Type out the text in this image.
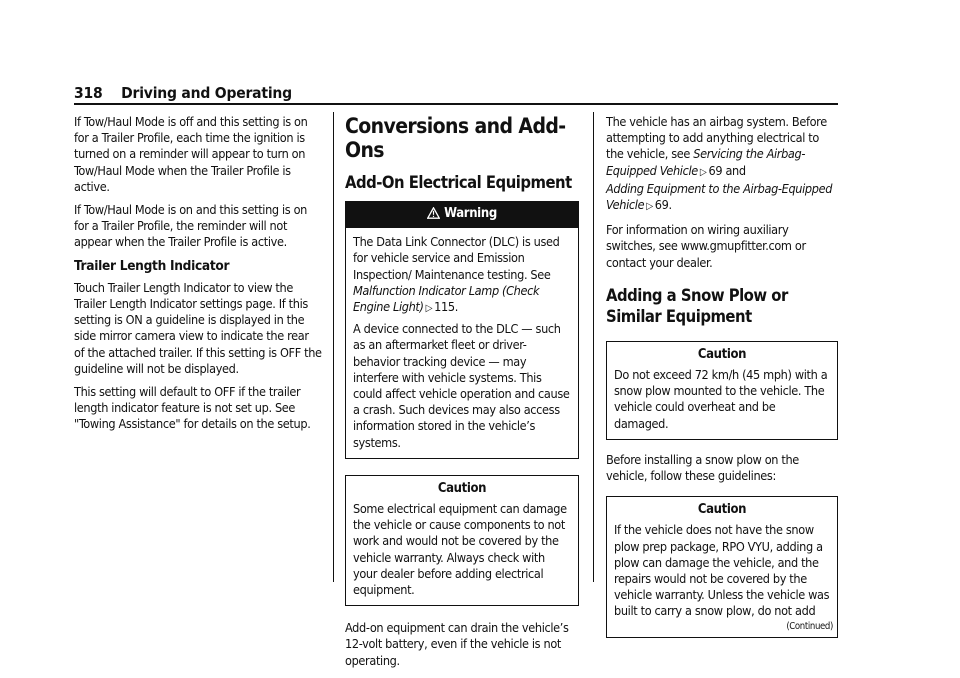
318 Driving and Operating

If Tow/Haul Mode is off and this setting is on for a Trailer Profile, each time the ignition is turned on a reminder will appear to turn on Tow/Haul Mode when the Trailer Profile is active.

If Tow/Haul Mode is on and this setting is on for a Trailer Profile, the reminder will not appear when the Trailer Profile is active.

Trailer Length Indicator

Touch Trailer Length Indicator to view the Trailer Length Indicator settings page. If this setting is ON a guideline is displayed in the side mirror camera view to indicate the rear of the attached trailer. If this setting is OFF the guideline will not be displayed.

This setting will default to OFF if the trailer length indicator feature is not set up. See "Towing Assistance" for details on the setup.

Conversions and Add-Ons
Add-On Electrical Equipment
Warning

The Data Link Connector (DLC) is used for vehicle service and Emission Inspection/ Maintenance testing. See Malfunction Indicator Lamp (Check Engine Light) ▷ 115.

A device connected to the DLC — such as an aftermarket fleet or driver-behavior tracking device — may interfere with vehicle systems. This could affect vehicle operation and cause a crash. Such devices may also access information stored in the vehicle’s systems.

Caution

Some electrical equipment can damage the vehicle or cause components to not work and would not be covered by the vehicle warranty. Always check with your dealer before adding electrical equipment.

Add-on equipment can drain the vehicle’s 12-volt battery, even if the vehicle is not operating.

The vehicle has an airbag system. Before attempting to add anything electrical to the vehicle, see Servicing the Airbag-Equipped Vehicle ▷ 69 and
Adding Equipment to the Airbag-Equipped Vehicle ▷ 69.

For information on wiring auxiliary switches, see www.gmupfitter.com or contact your dealer.

Adding a Snow Plow or Similar Equipment
Caution

Do not exceed 72 km/h (45 mph) with a snow plow mounted to the vehicle. The vehicle could overheat and be damaged.

Before installing a snow plow on the vehicle, follow these guidelines:

Caution

If the vehicle does not have the snow plow prep package, RPO VYU, adding a plow can damage the vehicle, and the repairs would not be covered by the vehicle warranty. Unless the vehicle was built to carry a snow plow, do not add

(Continued)
